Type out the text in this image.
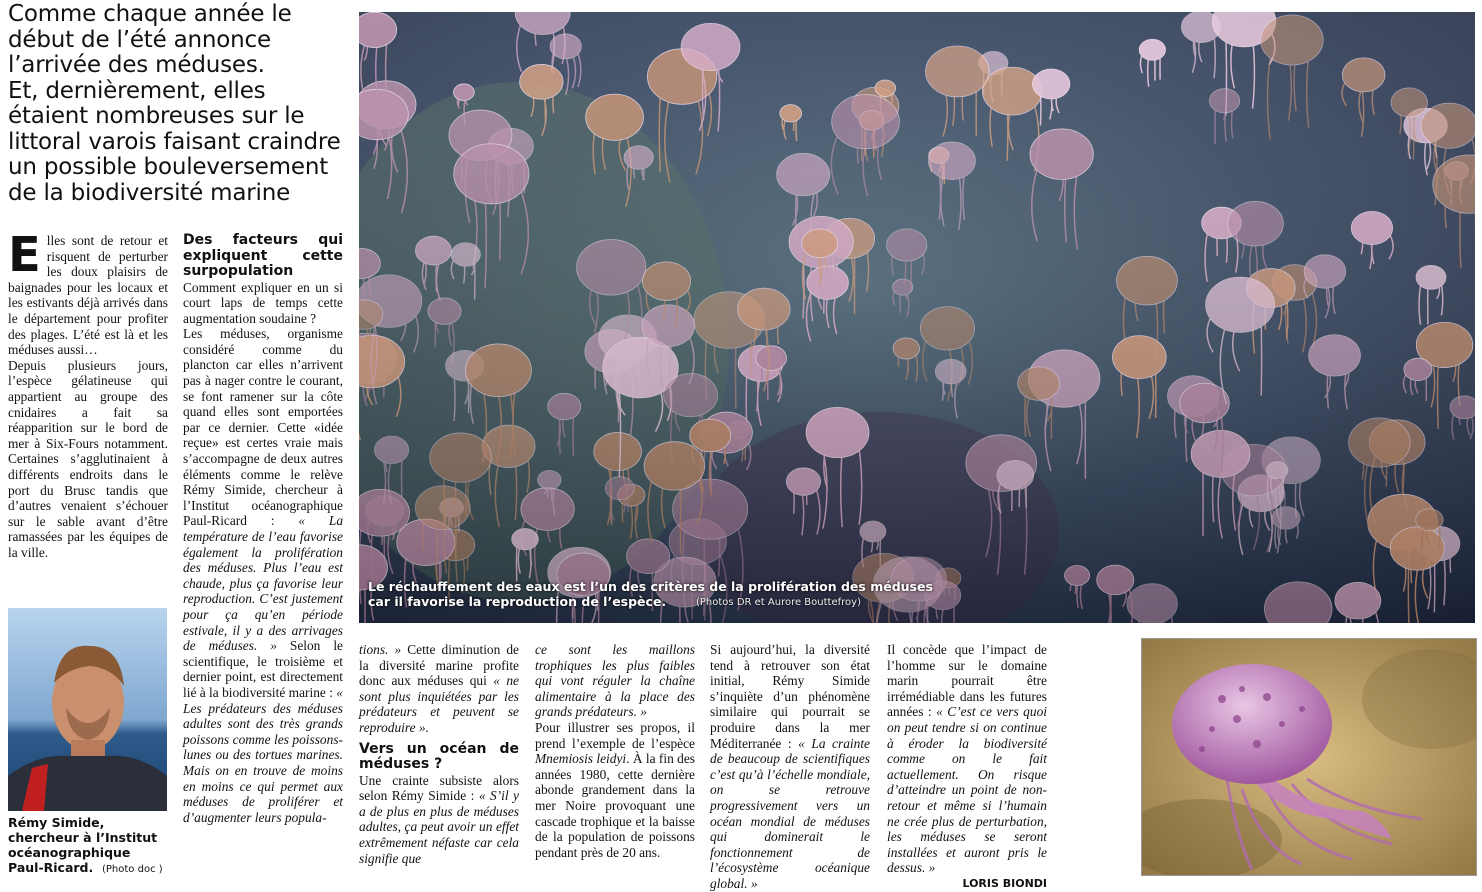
Comme chaque année le
début de l’été annonce
l’arrivée des méduses.
Et, dernièrement, elles
étaient nombreuses sur le
littoral varois faisant craindre
un possible bouleversement
de la biodiversité marine

Elles sont de retour et risquent de perturber les doux plaisirs de baignades pour les locaux et les estivants déjà arrivés dans le département pour profiter des plages. L’été est là et les méduses aussi…

Depuis plusieurs jours, l’espèce gélatineuse qui appartient au groupe des cnidaires a fait sa réapparition sur le bord de mer à Six-Fours notamment. Certaines s’agglutinaient à différents endroits dans le port du Brusc tandis que d’autres venaient s’échouer sur le sable avant d’être ramassées par les équipes de la ville.

Rémy Simide, chercheur à l’Institut océanographique Paul-Ricard. (Photo doc )

Des facteurs qui expliquent cette surpopulation

Comment expliquer en un si court laps de temps cette augmentation soudaine ?

Les méduses, organisme considéré comme du plancton car elles n’arrivent pas à nager contre le courant, se font ramener sur la côte quand elles sont emportées par ce dernier. Cette «idée reçue» est certes vraie mais s’accompagne de deux autres éléments comme le relève Rémy Simide, chercheur à l’Institut océanographique Paul-Ricard : « La température de l’eau favorise également la prolifération des méduses. Plus l’eau est chaude, plus ça favorise leur reproduction. C’est justement pour ça qu’en période estivale, il y a des arrivages de méduses. » Selon le scientifique, le troisième et dernier point, est directement lié à la biodiversité marine : « Les prédateurs des méduses adultes sont des très grands poissons comme les poissons-lunes ou des tortues marines. Mais on en trouve de moins en moins ce qui permet aux méduses de proliférer et d’augmenter leurs popula-

Le réchauffement des eaux est l’un des critères de la prolifération des méduses
car il favorise la reproduction de l’espèce.	(Photos DR et Aurore Bouttefroy)

tions. » Cette diminution de la diversité marine profite donc aux méduses qui « ne sont plus inquiétées par les prédateurs et peuvent se reproduire ».

Vers un océan de méduses ?

Une crainte subsiste alors selon Rémy Simide : « S’il y a de plus en plus de méduses adultes, ça peut avoir un effet extrêmement néfaste car cela signifie que

ce sont les maillons trophiques les plus faibles qui vont réguler la chaîne alimentaire à la place des grands prédateurs. »

Pour illustrer ses propos, il prend l’exemple de l’espèce Mnemiosis leidyi. À la fin des années 1980, cette dernière abonde grandement dans la mer Noire provoquant une cascade trophique et la baisse de la population de poissons pendant près de 20 ans.

Si aujourd’hui, la diversité tend à retrouver son état initial, Rémy Simide s’inquiète d’un phénomène similaire qui pourrait se produire dans la mer Méditerranée : « La crainte de beaucoup de scientifiques c’est qu’à l’échelle mondiale, on se retrouve progressivement vers un océan mondial de méduses qui dominerait le fonctionnement de l’écosystème océanique global. »

Il concède que l’impact de l’homme sur le domaine marin pourrait être irrémédiable dans les futures années : « C’est ce vers quoi on peut tendre si on continue à éroder la biodiversité comme on le fait actuellement. On risque d’atteindre un point de non-retour et même si l’humain ne crée plus de perturbation, les méduses se seront installées et auront pris le dessus. »

LORIS BIONDI
